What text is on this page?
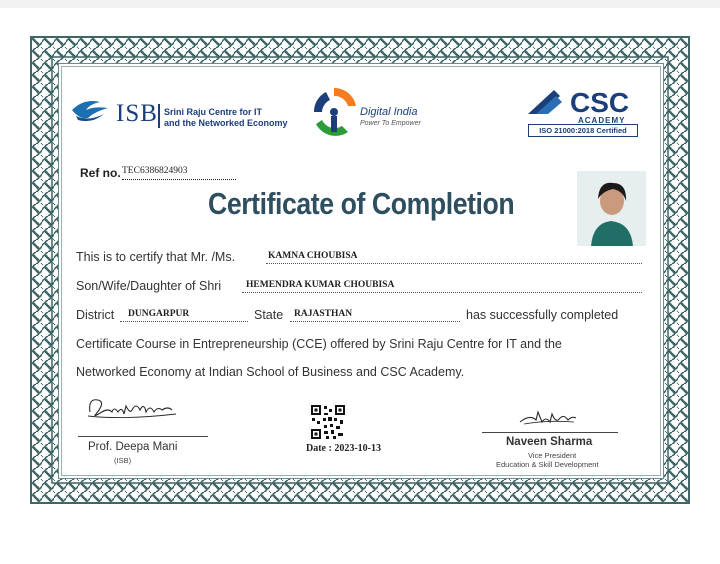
ISB Srini Raju Centre for IT
and the Networked Economy
Digital India
Power To Empower
CSC
ACADEMY
ISO 21000:2018 Certified
Ref no. TEC6386824903
Certificate of Completion
This is to certify that Mr. /Ms.	KAMNA CHOUBISA
Son/Wife/Daughter of Shri	HEMENDRA KUMAR CHOUBISA
District DUNGARPUR	State RAJASTHAN	has successfully completed
Certificate Course in Entrepreneurship (CCE) offered by Srini Raju Centre for IT and the
Networked Economy at Indian School of Business and CSC Academy.
Prof. Deepa Mani
(ISB)
Date : 2023-10-13
Naveen Sharma
Vice President
Education & Skill Development
